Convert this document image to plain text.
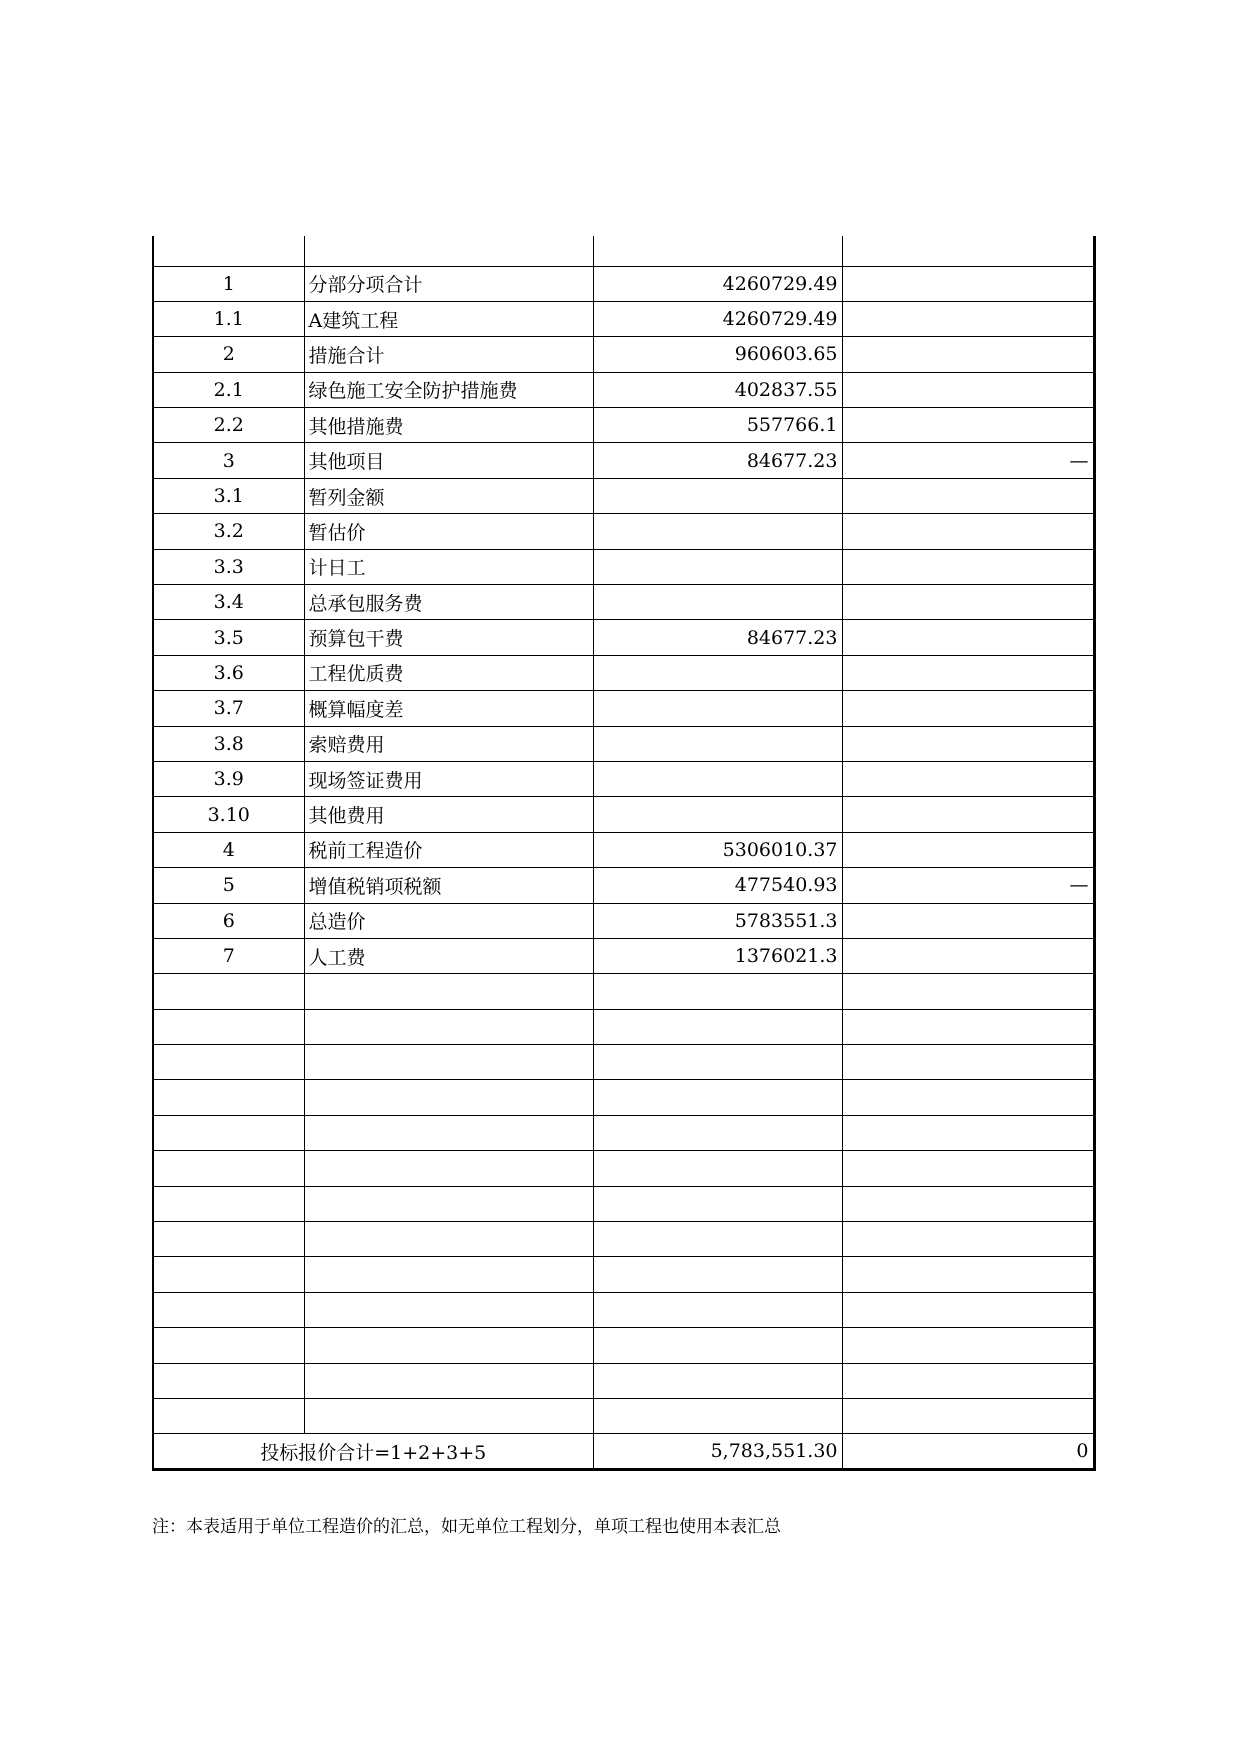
1	分部分项合计	4260729.49	
1.1	A建筑工程	4260729.49	
2	措施合计	960603.65	
2.1	绿色施工安全防护措施费	402837.55	
2.2	其他措施费	557766.1	
3	其他项目	84677.23	—
3.1	暂列金额		
3.2	暂估价		
3.3	计日工		
3.4	总承包服务费		
3.5	预算包干费	84677.23	
3.6	工程优质费		
3.7	概算幅度差		
3.8	索赔费用		
3.9	现场签证费用		
3.10	其他费用		
4	税前工程造价	5306010.37	
5	增值税销项税额	477540.93	—
6	总造价	5783551.3	
7	人工费	1376021.3	

投标报价合计=1+2+3+5		5,783,551.30	0
注：本表适用于单位工程造价的汇总，如无单位工程划分，单项工程也使用本表汇总
